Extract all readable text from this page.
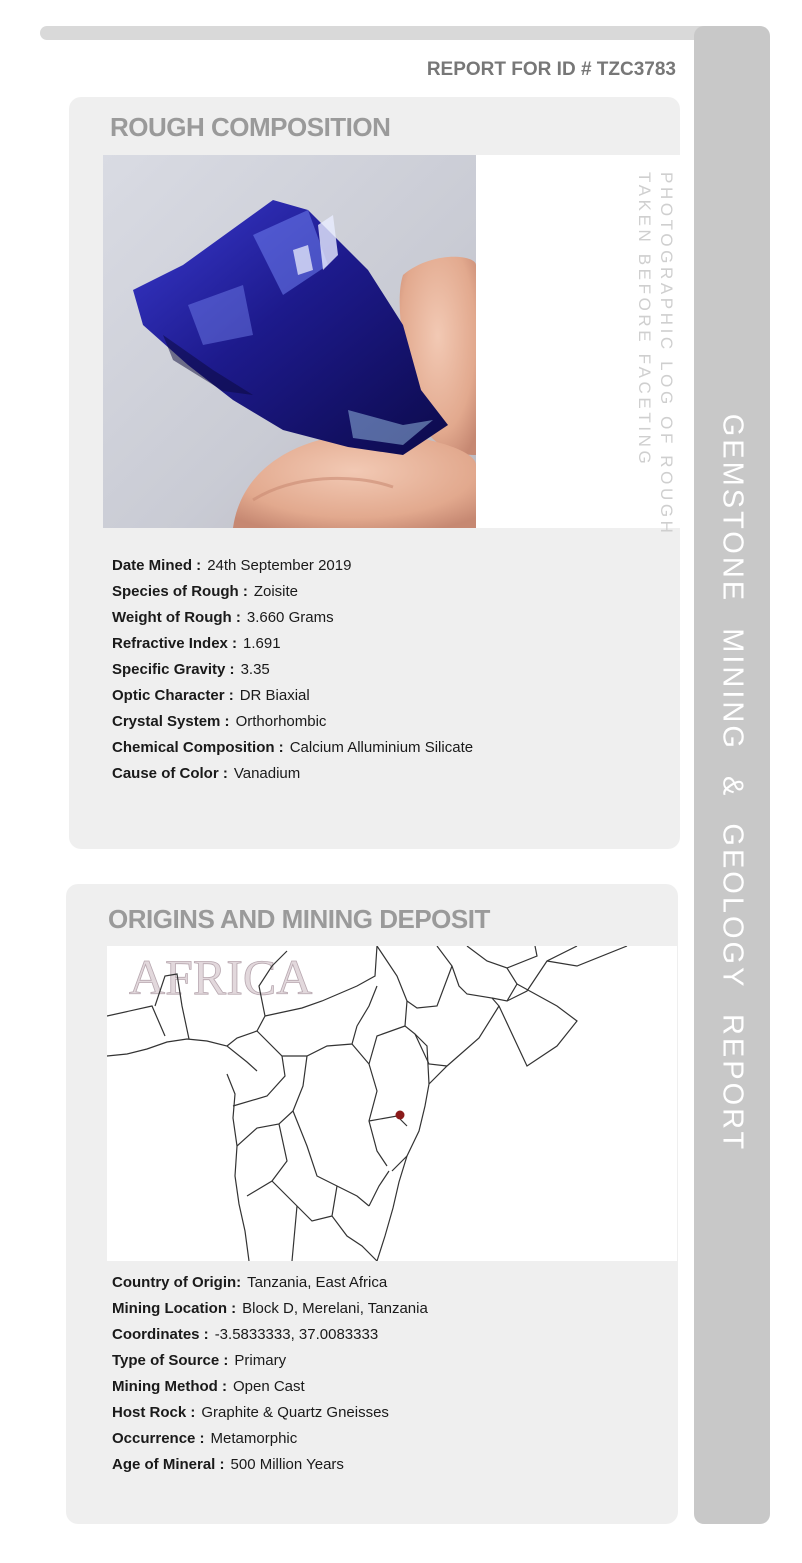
GEMSTONE MINING & GEOLOGY REPORT
REPORT FOR ID # TZC3783
ROUGH COMPOSITION
PHOTOGRAPHIC LOG OF ROUGH
TAKEN BEFORE FACETING
Date Mined : 24th September 2019
Species of Rough : Zoisite
Weight of Rough : 3.660 Grams
Refractive Index : 1.691
Specific Gravity : 3.35
Optic Character : DR Biaxial
Crystal System : Orthorhombic
Chemical Composition : Calcium Alluminium Silicate
Cause of Color : Vanadium
ORIGINS AND MINING DEPOSIT
AFRICA
Country of Origin: Tanzania, East Africa
Mining Location : Block D, Merelani, Tanzania
Coordinates : -3.5833333, 37.0083333
Type of Source : Primary
Mining Method : Open Cast
Host Rock : Graphite & Quartz Gneisses
Occurrence : Metamorphic
Age of Mineral : 500 Million Years
